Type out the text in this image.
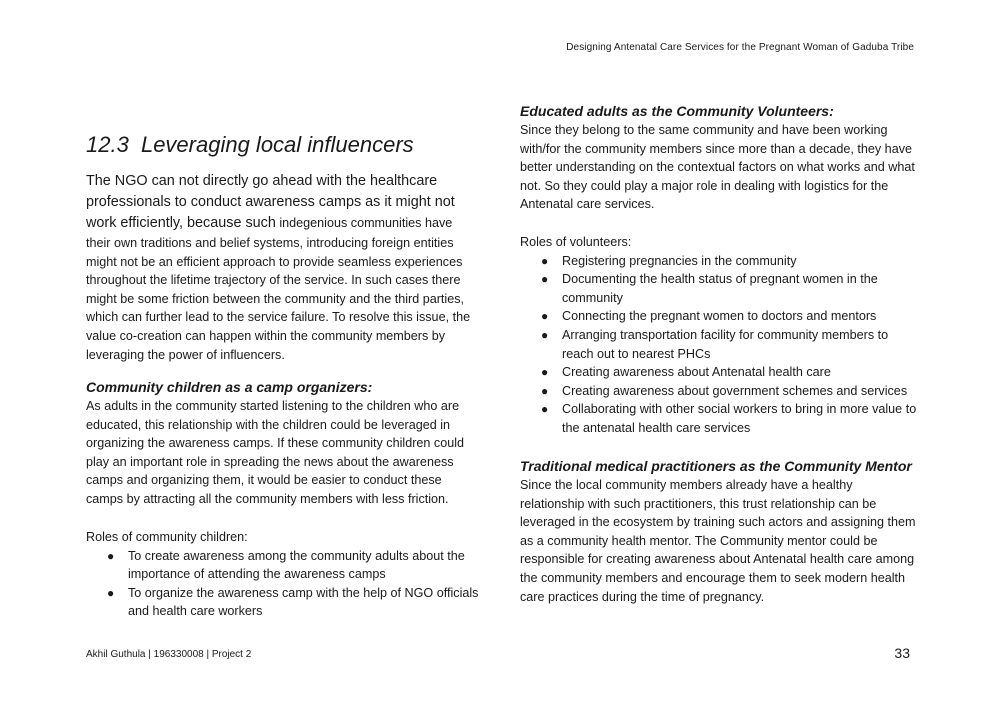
Designing Antenatal Care Services for the Pregnant Woman of Gaduba Tribe
12.3 Leveraging local influencers

The NGO can not directly go ahead with the healthcare professionals to conduct awareness camps as it might not work efficiently, because such indegenious communities have their own traditions and belief systems, introducing foreign entities might not be an efficient approach to provide seamless experiences throughout the lifetime trajectory of the service. In such cases there might be some friction between the community and the third parties, which can further lead to the service failure. To resolve this issue, the value co-creation can happen within the community members by leveraging the power of influencers.

Community children as a camp organizers:

As adults in the community started listening to the children who are educated, this relationship with the children could be leveraged in organizing the awareness camps. If these community children could play an important role in spreading the news about the awareness camps and organizing them, it would be easier to conduct these camps by attracting all the community members with less friction.

Roles of community children:

● To create awareness among the community adults about the importance of attending the awareness camps
● To organize the awareness camp with the help of NGO officials and health care workers
Educated adults as the Community Volunteers:

Since they belong to the same community and have been working with/for the community members since more than a decade, they have better understanding on the contextual factors on what works and what not. So they could play a major role in dealing with logistics for the Antenatal care services.

Roles of volunteers:

● Registering pregnancies in the community
● Documenting the health status of pregnant women in the community
● Connecting the pregnant women to doctors and mentors
● Arranging transportation facility for community members to reach out to nearest PHCs
● Creating awareness about Antenatal health care
● Creating awareness about government schemes and services
● Collaborating with other social workers to bring in more value to the antenatal health care services
Traditional medical practitioners as the Community Mentor

Since the local community members already have a healthy relationship with such practitioners, this trust relationship can be leveraged in the ecosystem by training such actors and assigning them as a community health mentor. The Community mentor could be responsible for creating awareness about Antenatal health care among the community members and encourage them to seek modern health care practices during the time of pregnancy.

Akhil Guthula | 196330008 | Project 2	33
